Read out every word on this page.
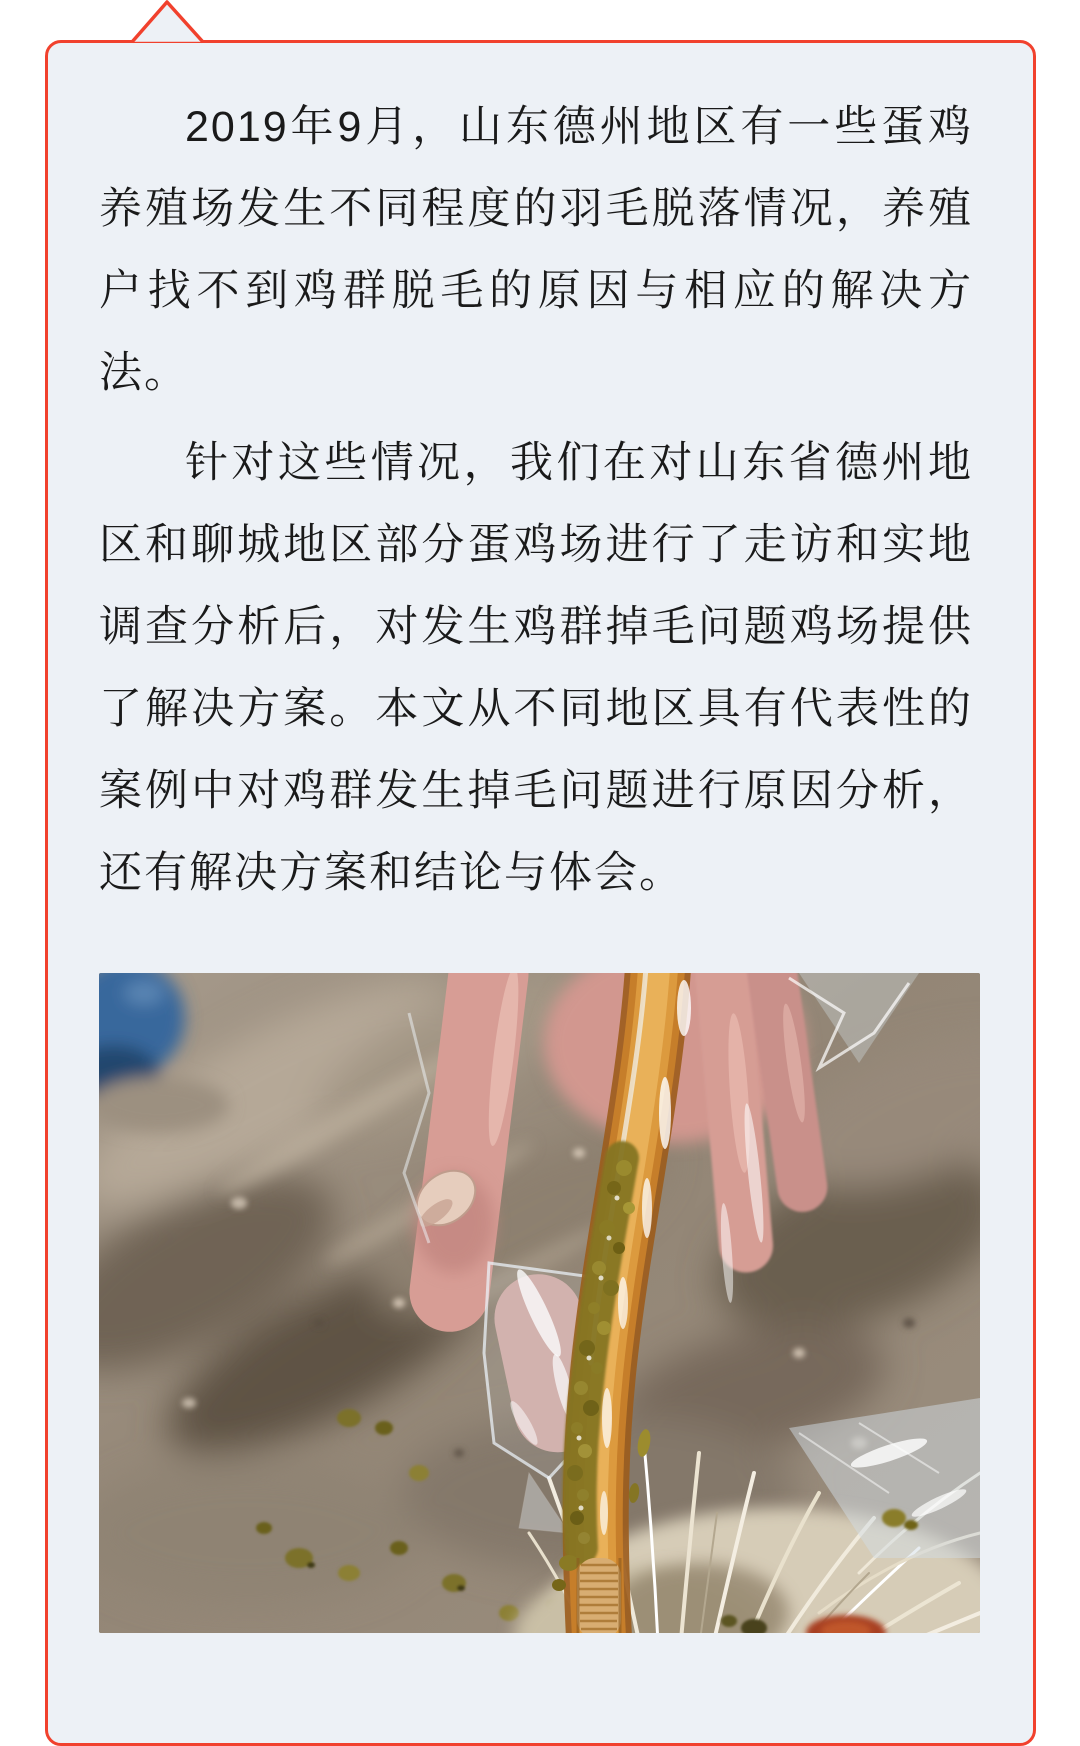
2019年9月，山东德州地区有一些蛋鸡养殖场发生不同程度的羽毛脱落情况，养殖户找不到鸡群脱毛的原因与相应的解决方法。

针对这些情况，我们在对山东省德州地区和聊城地区部分蛋鸡场进行了走访和实地调查分析后，对发生鸡群掉毛问题鸡场提供了解决方案。本文从不同地区具有代表性的案例中对鸡群发生掉毛问题进行原因分析，还有解决方案和结论与体会。
